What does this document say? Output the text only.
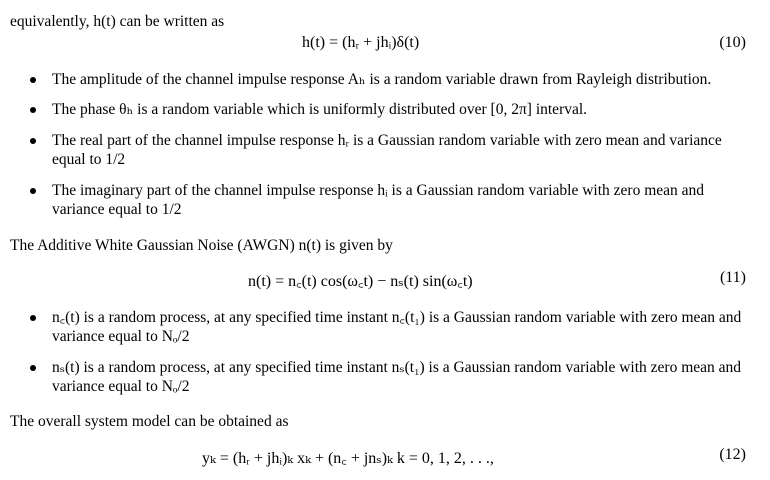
equivalently, h(t) can be written as
h(t) = (hᵣ + jhᵢ)δ(t)	(10)
The amplitude of the channel impulse response Aₕ is a random variable drawn from Rayleigh distribution.
The phase θₕ is a random variable which is uniformly distributed over [0, 2π] interval.
The real part of the channel impulse response hᵣ is a Gaussian random variable with zero mean and variance equal to 1/2
The imaginary part of the channel impulse response hᵢ is a Gaussian random variable with zero mean and variance equal to 1/2
The Additive White Gaussian Noise (AWGN) n(t) is given by
n(t) = n꜀(t) cos(ω꜀t) − nₛ(t) sin(ω꜀t)	(11)
n꜀(t) is a random process, at any specified time instant n꜀(t₁) is a Gaussian random variable with zero mean and variance equal to Nₒ/2
nₛ(t) is a random process, at any specified time instant nₛ(t₁) is a Gaussian random variable with zero mean and variance equal to Nₒ/2
The overall system model can be obtained as
yₖ = (hᵣ + jhᵢ)ₖ xₖ + (n꜀ + jnₛ)ₖ k = 0, 1, 2, . . .,	(12)
